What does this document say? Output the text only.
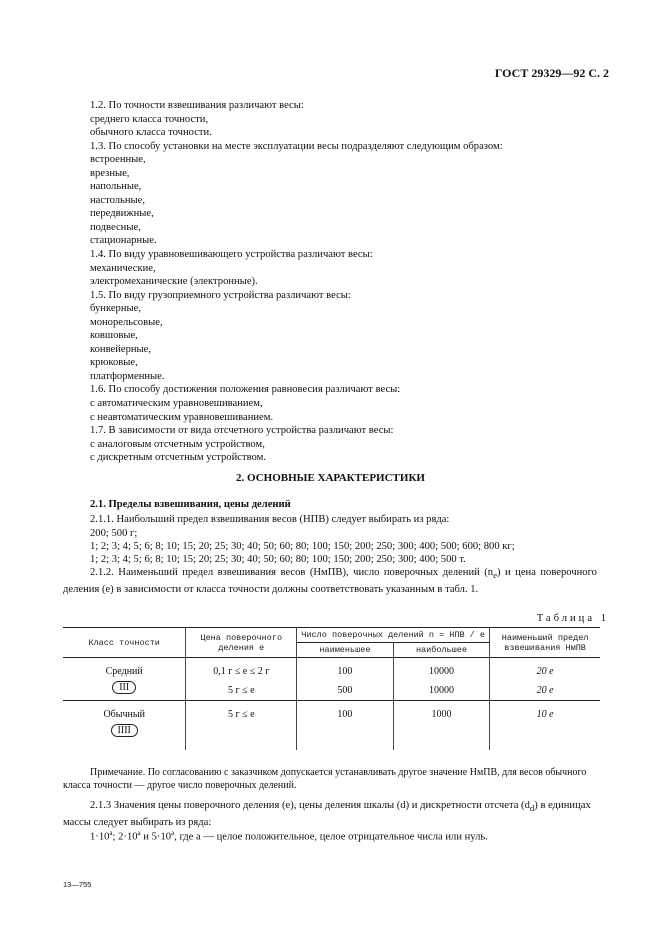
ГОСТ 29329—92 С. 2
1.2. По точности взвешивания различают весы:
среднего класса точности,
обычного класса точности.
1.3. По способу установки на месте эксплуатации весы подразделяют следующим образом:
встроенные,
врезные,
напольные,
настольные,
передвижные,
подвесные,
стационарные.
1.4. По виду уравновешивающего устройства различают весы:
механические,
электромеханические (электронные).
1.5. По виду грузоприемного устройства различают весы:
бункерные,
монорельсовые,
ковшовые,
конвейерные,
крюковые,
платформенные.
1.6. По способу достижения положения равновесия различают весы:
с автоматическим уравновешиванием,
с неавтоматическим уравновешиванием.
1.7. В зависимости от вида отсчетного устройства различают весы:
с аналоговым отсчетным устройством,
с дискретным отсчетным устройством.
2. ОСНОВНЫЕ ХАРАКТЕРИСТИКИ
2.1. Пределы взвешивания, цены делений
2.1.1. Наибольший предел взвешивания весов (НПВ) следует выбирать из ряда:
200; 500 г;
1; 2; 3; 4; 5; 6; 8; 10; 15; 20; 25; 30; 40; 50; 60; 80; 100; 150; 200; 250; 300; 400; 500; 600; 800 кг;
1; 2; 3; 4; 5; 6; 8; 10; 15; 20; 25; 30; 40; 50; 60; 80; 100; 150; 200; 250; 300; 400; 500 т.
2.1.2. Наименьший предел взвешивания весов (НмПВ), число поверочных делений $(n_e)$ и цена поверочного деления (e) в зависимости от класса точности должны соответствовать указанным в табл. 1.
Таблица 1
Класс точности	Цена поверочного деления e	Число поверочных делений n = НПВ / e		Наименьший предел взвешивания НмПВ
		наименьшее	наибольшее	

Средний
III	0,1 г ≤ e ≤ 2 г	100	10000	20 e
	5 г ≤ e	500	10000	20 e

Обычный
IIII	5 г ≤ e	100	1000	10 e
Примечание. По согласованию с заказчиком допускается устанавливать другое значение НмПВ, для весов обычного класса точности — другое число поверочных делений.
2.1.3 Значения цены поверочного деления (e), цены деления шкалы (d) и дискретности отсчета $(d_d)$ в единицах массы следует выбирать из ряда:
$1\cdot 10^а$; $2\cdot 10^а$ и $5\cdot 10^а$, где а — целое положительное, целое отрицательное числа или нуль.
13—755
